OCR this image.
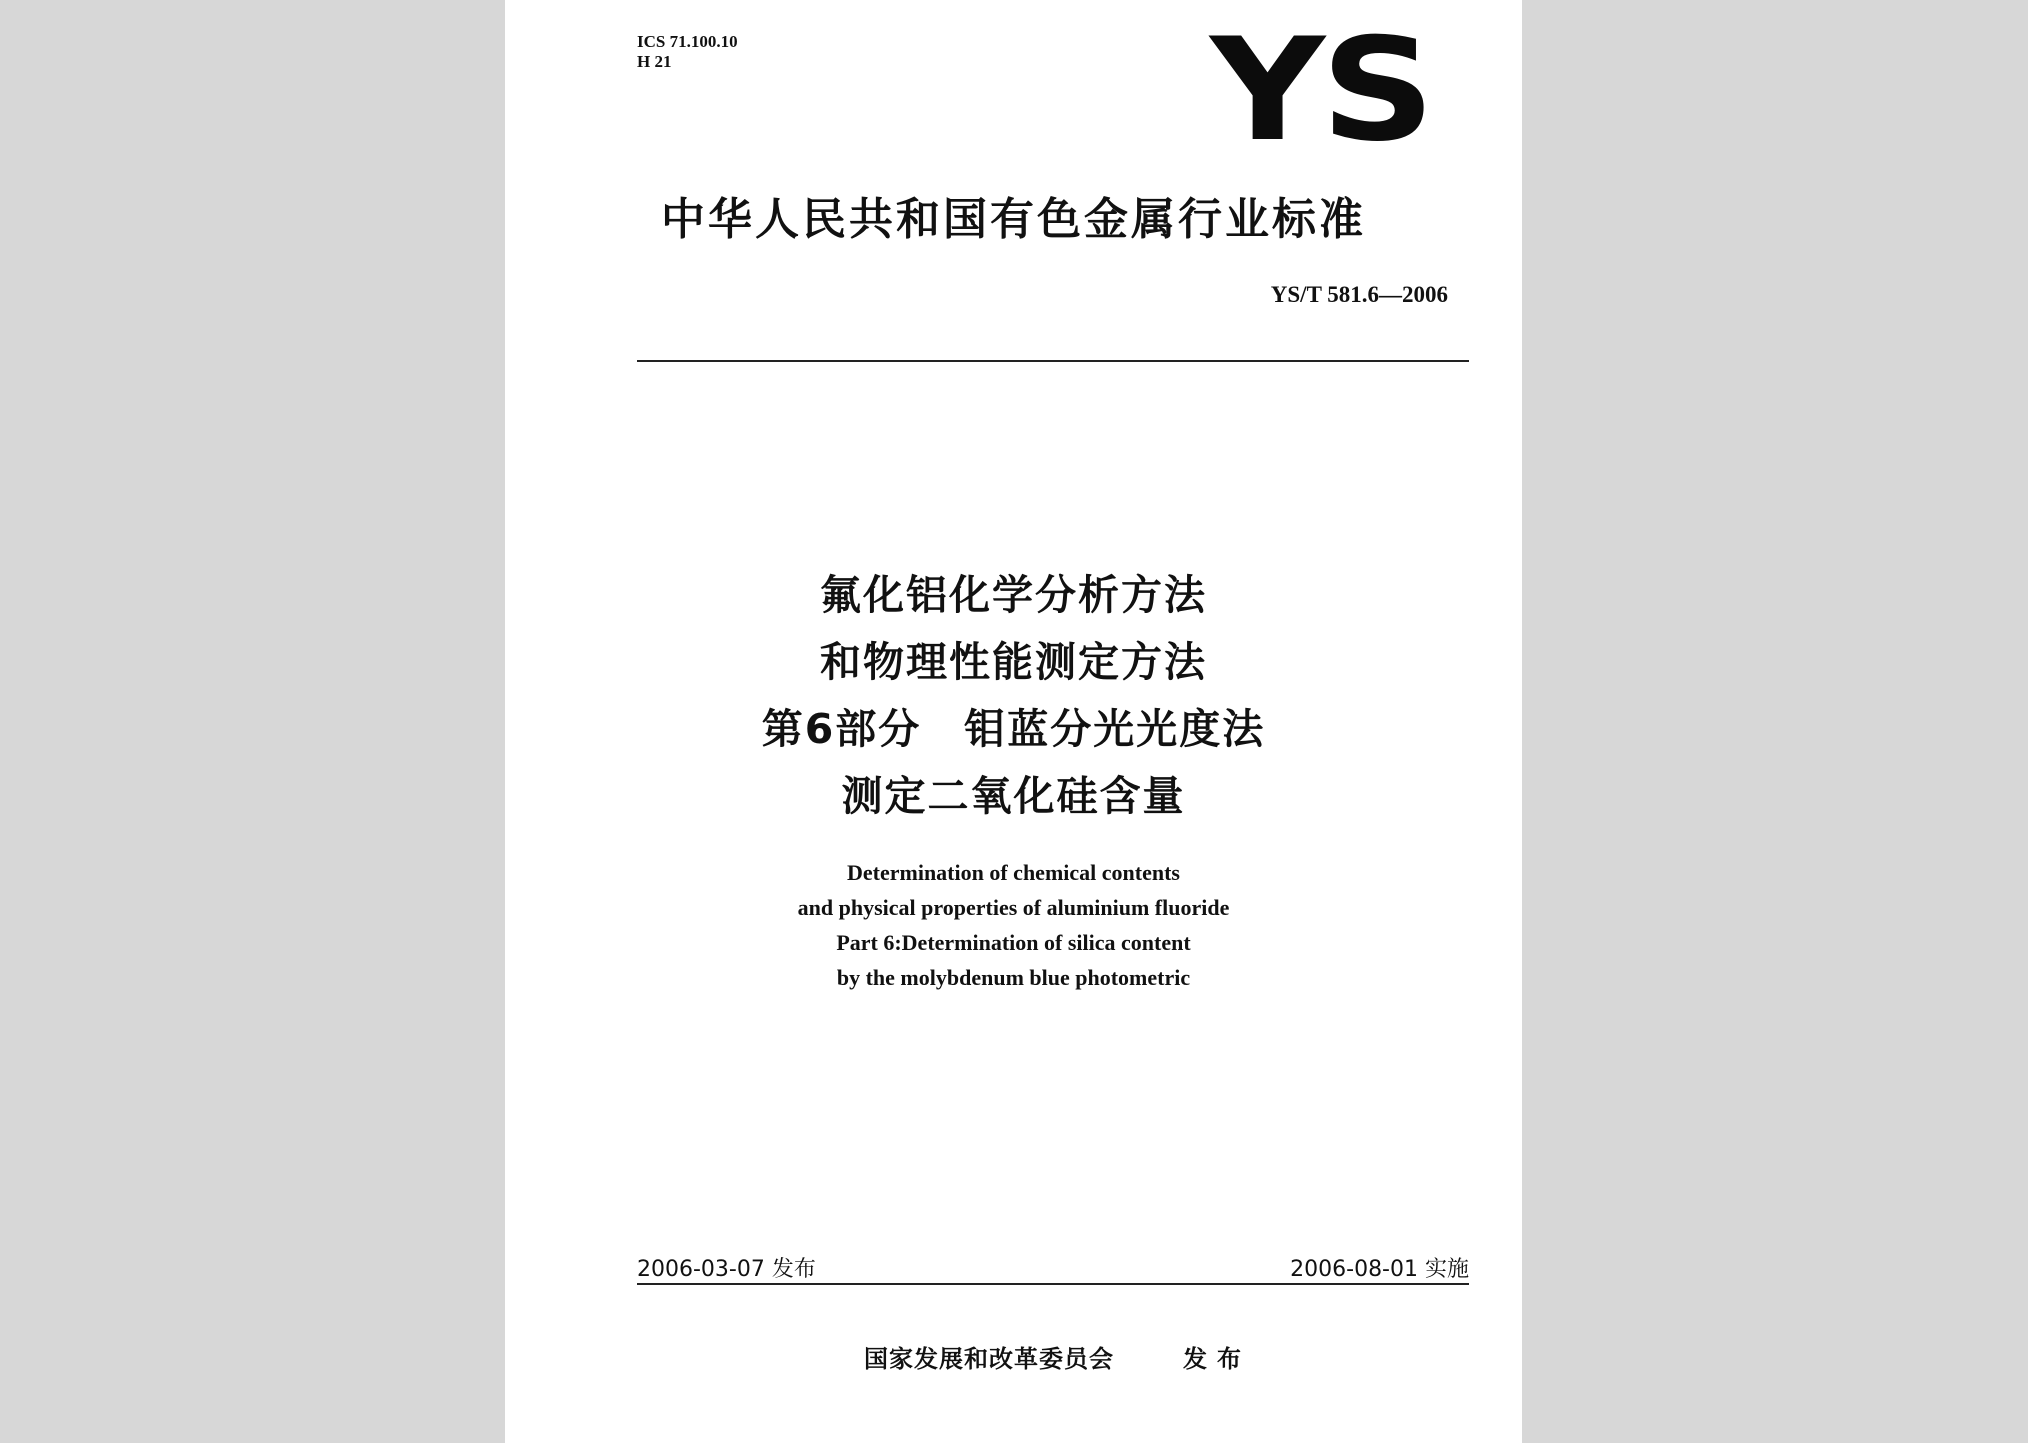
ICS 71.100.10
H 21	YS
中华人民共和国有色金属行业标准
YS/T 581.6—2006
氟化铝化学分析方法
和物理性能测定方法
第6部分　钼蓝分光光度法
测定二氧化硅含量
Determination of chemical contents
and physical properties of aluminium fluoride
Part 6:Determination of silica content
by the molybdenum blue photometric
2006-03-07 发布	2006-08-01 实施
国家发展和改革委员会	发布
